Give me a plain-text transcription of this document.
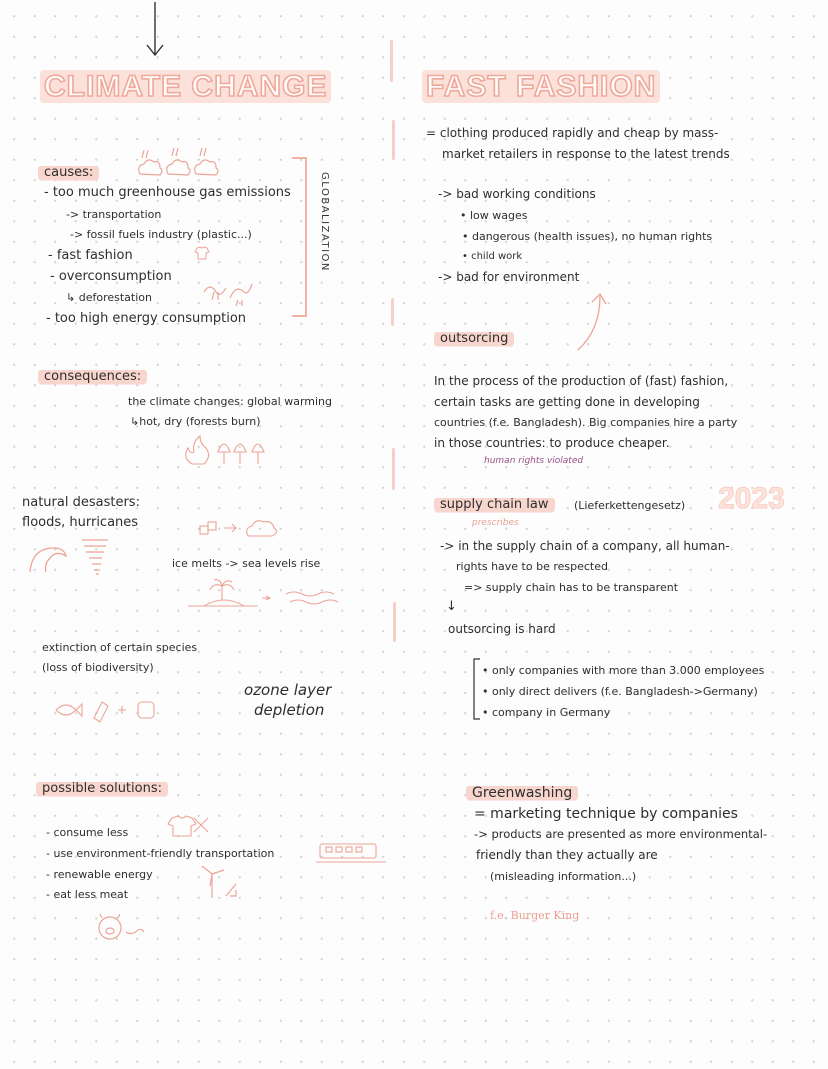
CLIMATE CHANGE
causes:
- too much greenhouse gas emissions
-> transportation
-> fossil fuels industry (plastic...)
- fast fashion
- overconsumption
↳ deforestation
- too high energy consumption
GLOBALIZATION
consequences:
the climate changes: global warming
↳hot, dry (forests burn)
natural desasters:
floods, hurricanes
ice melts -> sea levels rise
extinction of certain species
(loss of biodiversity)
ozone layer
depletion
possible solutions:
- consume less
- use environment-friendly transportation
- renewable energy
- eat less meat
FAST FASHION
= clothing produced rapidly and cheap by mass-
market retailers in response to the latest trends
-> bad working conditions
• low wages
• dangerous (health issues), no human rights
• child work
-> bad for environment
outsorcing
In the process of the production of (fast) fashion,
certain tasks are getting done in developing
countries (f.e. Bangladesh). Big companies hire a party
in those countries: to produce cheaper.
human rights violated
2023
supply chain law	(Lieferkettengesetz)
prescribes
-> in the supply chain of a company, all human-
rights have to be respected
=> supply chain has to be transparent
↓
outsorcing is hard
• only companies with more than 3.000 employees
• only direct delivers (f.e. Bangladesh->Germany)
• company in Germany
Greenwashing
= marketing technique by companies
-> products are presented as more environmental-
friendly than they actually are
(misleading information...)
f.e. Burger King
